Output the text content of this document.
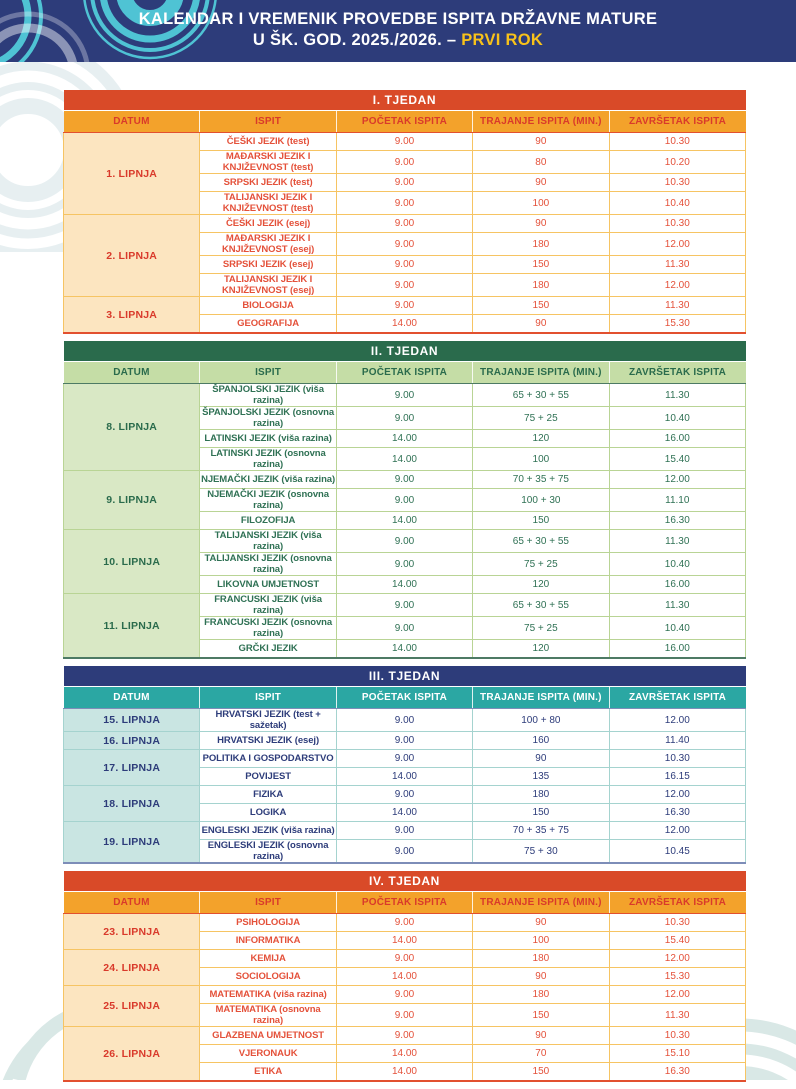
KALENDAR I VREMENIK PROVEDBE ISPITA DRŽAVNE MATURE
U ŠK. GOD. 2025./2026. – PRVI ROK
I. TJEDAN				
DATUM	ISPIT	POČETAK ISPITA	TRAJANJE ISPITA (MIN.)	ZAVRŠETAK ISPITA
1. LIPNJA	ČEŠKI JEZIK (test)	9.00	90	10.30
	MAĐARSKI JEZIK I KNJIŽEVNOST (test)	9.00	80	10.20
	SRPSKI JEZIK (test)	9.00	90	10.30
	TALIJANSKI JEZIK I KNJIŽEVNOST (test)	9.00	100	10.40
2. LIPNJA	ČEŠKI JEZIK (esej)	9.00	90	10.30
	MAĐARSKI JEZIK I KNJIŽEVNOST (esej)	9.00	180	12.00
	SRPSKI JEZIK (esej)	9.00	150	11.30
	TALIJANSKI JEZIK I KNJIŽEVNOST (esej)	9.00	180	12.00
3. LIPNJA	BIOLOGIJA	9.00	150	11.30
	GEOGRAFIJA	14.00	90	15.30
II. TJEDAN				
DATUM	ISPIT	POČETAK ISPITA	TRAJANJE ISPITA (MIN.)	ZAVRŠETAK ISPITA
8. LIPNJA	ŠPANJOLSKI JEZIK (viša razina)	9.00	65 + 30 + 55	11.30
	ŠPANJOLSKI JEZIK (osnovna razina)	9.00	75 + 25	10.40
	LATINSKI JEZIK (viša razina)	14.00	120	16.00
	LATINSKI JEZIK (osnovna razina)	14.00	100	15.40
9. LIPNJA	NJEMAČKI JEZIK (viša razina)	9.00	70 + 35 + 75	12.00
	NJEMAČKI JEZIK (osnovna razina)	9.00	100 + 30	11.10
	FILOZOFIJA	14.00	150	16.30
10. LIPNJA	TALIJANSKI JEZIK (viša razina)	9.00	65 + 30 + 55	11.30
	TALIJANSKI JEZIK (osnovna razina)	9.00	75 + 25	10.40
	LIKOVNA UMJETNOST	14.00	120	16.00
11. LIPNJA	FRANCUSKI JEZIK (viša razina)	9.00	65 + 30 + 55	11.30
	FRANCUSKI JEZIK (osnovna razina)	9.00	75 + 25	10.40
	GRČKI JEZIK	14.00	120	16.00
III. TJEDAN				
DATUM	ISPIT	POČETAK ISPITA	TRAJANJE ISPITA (MIN.)	ZAVRŠETAK ISPITA
15. LIPNJA	HRVATSKI JEZIK (test + sažetak)	9.00	100 + 80	12.00
16. LIPNJA	HRVATSKI JEZIK (esej)	9.00	160	11.40
17. LIPNJA	POLITIKA I GOSPODARSTVO	9.00	90	10.30
	POVIJEST	14.00	135	16.15
18. LIPNJA	FIZIKA	9.00	180	12.00
	LOGIKA	14.00	150	16.30
19. LIPNJA	ENGLESKI JEZIK (viša razina)	9.00	70 + 35 + 75	12.00
	ENGLESKI JEZIK (osnovna razina)	9.00	75 + 30	10.45
IV. TJEDAN				
DATUM	ISPIT	POČETAK ISPITA	TRAJANJE ISPITA (MIN.)	ZAVRŠETAK ISPITA
23. LIPNJA	PSIHOLOGIJA	9.00	90	10.30
	INFORMATIKA	14.00	100	15.40
24. LIPNJA	KEMIJA	9.00	180	12.00
	SOCIOLOGIJA	14.00	90	15.30
25. LIPNJA	MATEMATIKA (viša razina)	9.00	180	12.00
	MATEMATIKA (osnovna razina)	9.00	150	11.30
26. LIPNJA	GLAZBENA UMJETNOST	9.00	90	10.30
	VJERONAUK	14.00	70	15.10
	ETIKA	14.00	150	16.30
